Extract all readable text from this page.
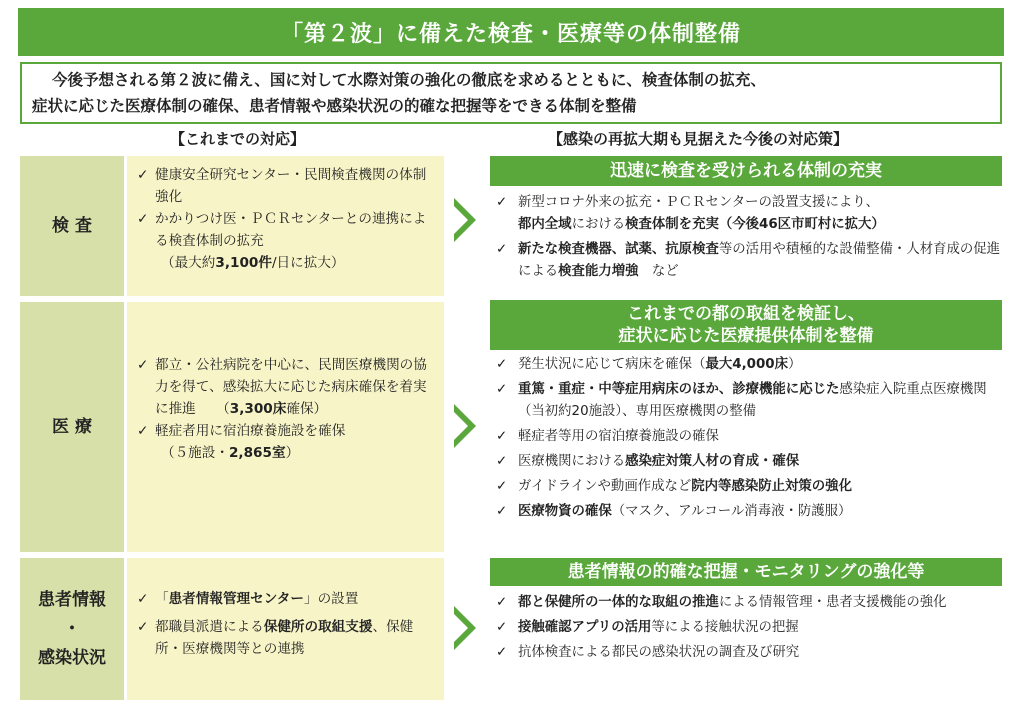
「第２波」に備えた検査・医療等の体制整備
今後予想される第２波に備え、国に対して水際対策の強化の徹底を求めるとともに、検査体制の拡充、
症状に応じた医療体制の確保、患者情報や感染状況の的確な把握等をできる体制を整備
【これまでの対応】	【感染の再拡大期も見据えた今後の対応策】
検 査
✓ 健康安全研究センター・民間検査機関の体制強化
✓ かかりつけ医・ＰＣＲセンターとの連携による検査体制の拡充
（最大約3,100件/日に拡大）
迅速に検査を受けられる体制の充実
✓ 新型コロナ外来の拡充・ＰＣＲセンターの設置支援により、
都内全域における検査体制を充実（今後46区市町村に拡大）
✓ 新たな検査機器、試薬、抗原検査等の活用や積極的な設備整備・人材育成の促進による検査能力増強　など
医 療
✓ 都立・公社病院を中心に、民間医療機関の協力を得て、感染拡大に応じた病床確保を着実に推進　　（3,300床確保）
✓ 軽症者用に宿泊療養施設を確保
（５施設・2,865室）
これまでの都の取組を検証し、
症状に応じた医療提供体制を整備
✓ 発生状況に応じて病床を確保（最大4,000床）
✓ 重篤・重症・中等症用病床のほか、診療機能に応じた感染症入院重点医療機関（当初約20施設）、専用医療機関の整備
✓ 軽症者等用の宿泊療養施設の確保
✓ 医療機関における感染症対策人材の育成・確保
✓ ガイドラインや動画作成など院内等感染防止対策の強化
✓ 医療物資の確保（マスク、アルコール消毒液・防護服）
患者情報
・
感染状況
✓ 「患者情報管理センター」の設置
✓ 都職員派遣による保健所の取組支援、保健所・医療機関等との連携
患者情報の的確な把握・モニタリングの強化等
✓ 都と保健所の一体的な取組の推進による情報管理・患者支援機能の強化
✓ 接触確認アプリの活用等による接触状況の把握
✓ 抗体検査による都民の感染状況の調査及び研究
